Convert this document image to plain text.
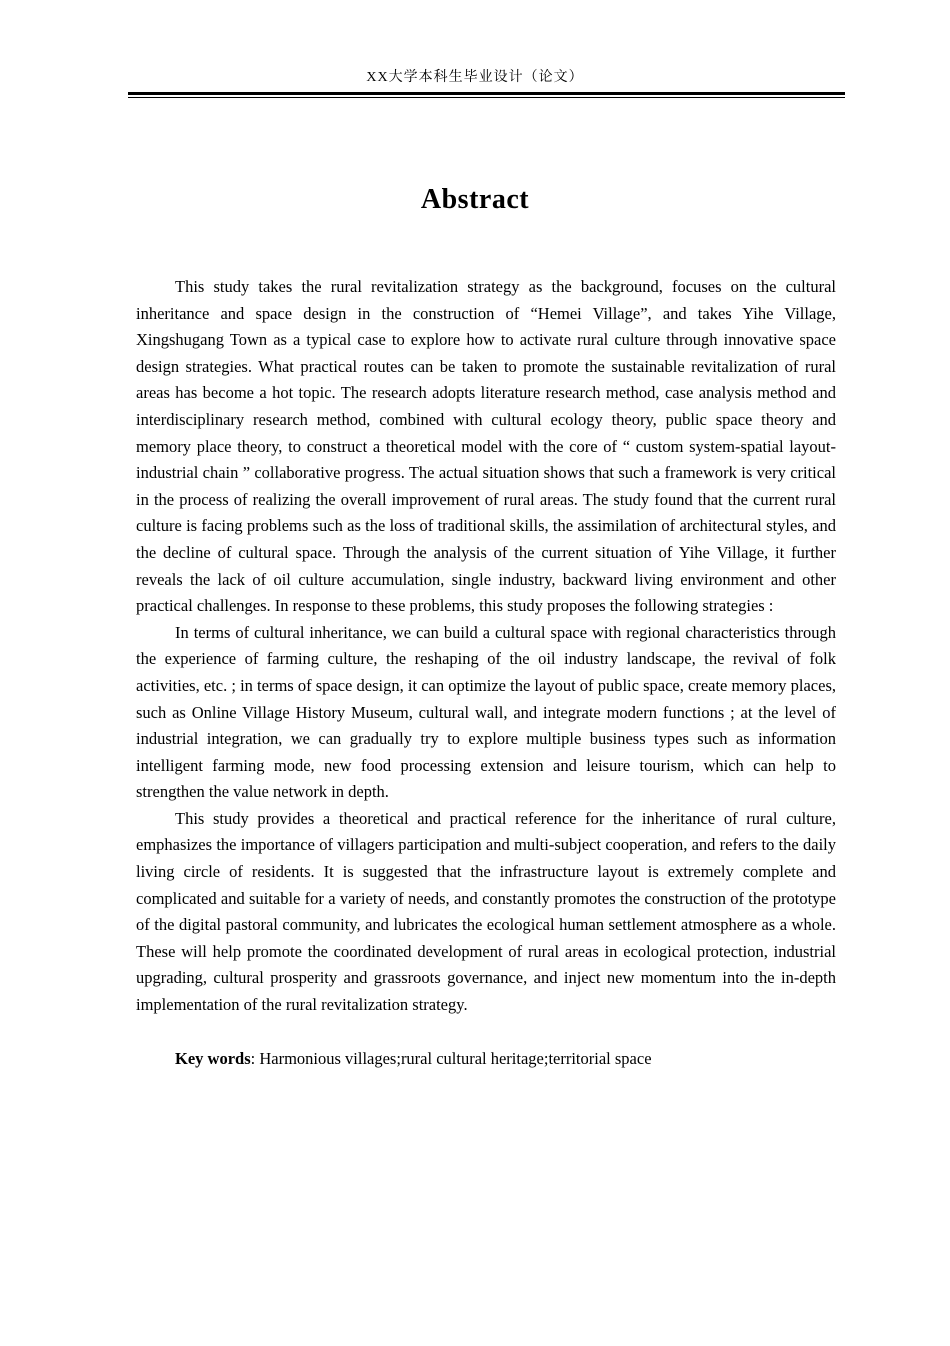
XX大学本科生毕业设计（论文）
Abstract

This study takes the rural revitalization strategy as the background, focuses on the cultural inheritance and space design in the construction of “Hemei Village”, and takes Yihe Village, Xingshugang Town as a typical case to explore how to activate rural culture through innovative space design strategies. What practical routes can be taken to promote the sustainable revitalization of rural areas has become a hot topic. The research adopts literature research method, case analysis method and interdisciplinary research method, combined with cultural ecology theory, public space theory and memory place theory, to construct a theoretical model with the core of “ custom system-spatial layout-industrial chain ” collaborative progress. The actual situation shows that such a framework is very critical in the process of realizing the overall improvement of rural areas. The study found that the current rural culture is facing problems such as the loss of traditional skills, the assimilation of architectural styles, and the decline of cultural space. Through the analysis of the current situation of Yihe Village, it further reveals the lack of oil culture accumulation, single industry, backward living environment and other practical challenges. In response to these problems, this study proposes the following strategies :

In terms of cultural inheritance, we can build a cultural space with regional characteristics through the experience of farming culture, the reshaping of the oil industry landscape, the revival of folk activities, etc. ; in terms of space design, it can optimize the layout of public space, create memory places, such as Online Village History Museum, cultural wall, and integrate modern functions ; at the level of industrial integration, we can gradually try to explore multiple business types such as information intelligent farming mode, new food processing extension and leisure tourism, which can help to strengthen the value network in depth.

This study provides a theoretical and practical reference for the inheritance of rural culture, emphasizes the importance of villagers participation and multi-subject cooperation, and refers to the daily living circle of residents. It is suggested that the infrastructure layout is extremely complete and complicated and suitable for a variety of needs, and constantly promotes the construction of the prototype of the digital pastoral community, and lubricates the ecological human settlement atmosphere as a whole. These will help promote the coordinated development of rural areas in ecological protection, industrial upgrading, cultural prosperity and grassroots governance, and inject new momentum into the in-depth implementation of the rural revitalization strategy.

Key words: Harmonious villages;rural cultural heritage;territorial space
